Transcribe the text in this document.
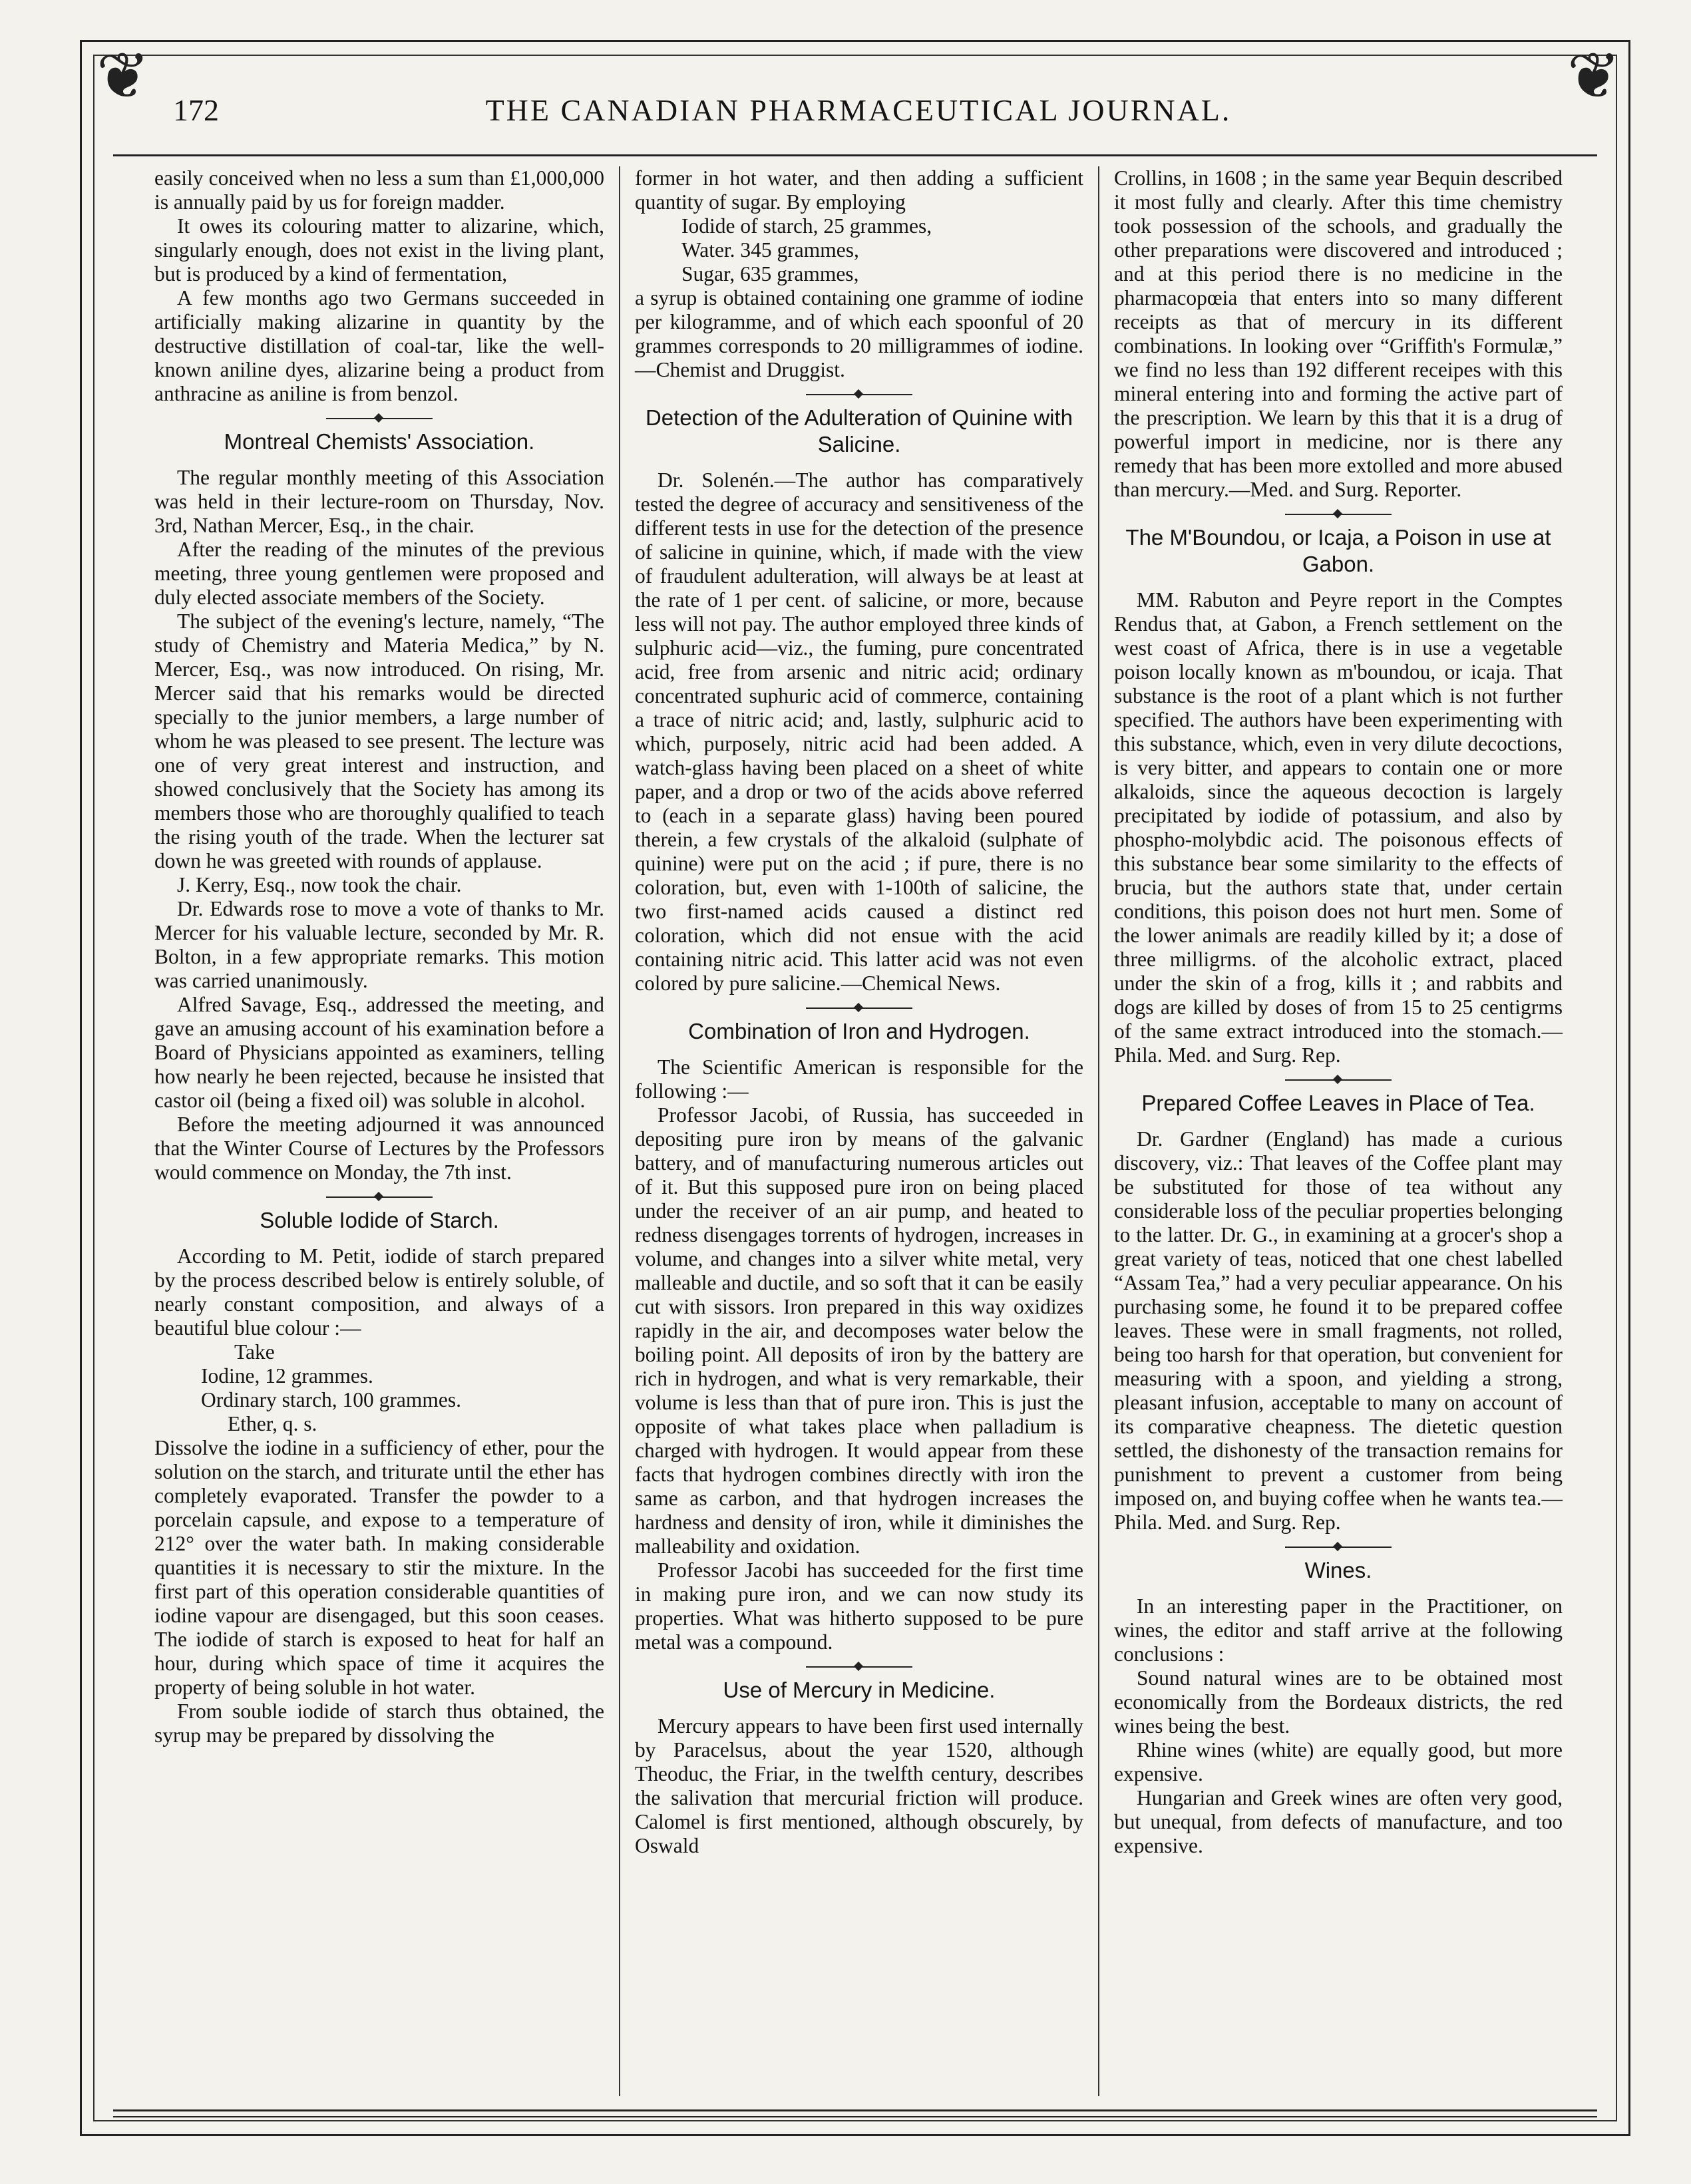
❦	❦
172	THE CANADIAN PHARMACEUTICAL JOURNAL.

easily conceived when no less a sum than £1,000,000 is annually paid by us for foreign madder.

It owes its colouring matter to alizarine, which, singularly enough, does not exist in the living plant, but is produced by a kind of fermentation,

A few months ago two Germans succeeded in artificially making alizarine in quantity by the destructive distillation of coal-tar, like the well-known aniline dyes, alizarine being a product from anthracine as aniline is from benzol.

Montreal Chemists' Association.

The regular monthly meeting of this Association was held in their lecture-room on Thursday, Nov. 3rd, Nathan Mercer, Esq., in the chair.

After the reading of the minutes of the previous meeting, three young gentlemen were proposed and duly elected associate members of the Society.

The subject of the evening's lecture, namely, “The study of Chemistry and Materia Medica,” by N. Mercer, Esq., was now introduced. On rising, Mr. Mercer said that his remarks would be directed specially to the junior members, a large number of whom he was pleased to see present. The lecture was one of very great interest and instruction, and showed conclusively that the Society has among its members those who are thoroughly qualified to teach the rising youth of the trade. When the lecturer sat down he was greeted with rounds of applause.

J. Kerry, Esq., now took the chair.

Dr. Edwards rose to move a vote of thanks to Mr. Mercer for his valuable lecture, seconded by Mr. R. Bolton, in a few appropriate remarks. This motion was carried unanimously.

Alfred Savage, Esq., addressed the meeting, and gave an amusing account of his examination before a Board of Physicians appointed as examiners, telling how nearly he been rejected, because he insisted that castor oil (being a fixed oil) was soluble in alcohol.

Before the meeting adjourned it was announced that the Winter Course of Lectures by the Professors would commence on Monday, the 7th inst.

Soluble Iodide of Starch.

According to M. Petit, iodide of starch prepared by the process described below is entirely soluble, of nearly constant composition, and always of a beautiful blue colour :—

Take

Iodine, 12 grammes.

Ordinary starch, 100 grammes.

Ether, q. s.

Dissolve the iodine in a sufficiency of ether, pour the solution on the starch, and triturate until the ether has completely evaporated. Transfer the powder to a porcelain capsule, and expose to a temperature of 212° over the water bath. In making considerable quantities it is necessary to stir the mixture. In the first part of this operation considerable quantities of iodine vapour are disengaged, but this soon ceases. The iodide of starch is exposed to heat for half an hour, during which space of time it acquires the property of being soluble in hot water.

From souble iodide of starch thus obtained, the syrup may be prepared by dissolving the

former in hot water, and then adding a sufficient quantity of sugar. By employing

Iodide of starch, 25 grammes,

Water. 345 grammes,

Sugar, 635 grammes,

a syrup is obtained containing one gramme of iodine per kilogramme, and of which each spoonful of 20 grammes corresponds to 20 milligrammes of iodine.—Chemist and Druggist.

Detection of the Adulteration of Quinine with Salicine.

Dr. Solenén.—The author has comparatively tested the degree of accuracy and sensitiveness of the different tests in use for the detection of the presence of salicine in quinine, which, if made with the view of fraudulent adulteration, will always be at least at the rate of 1 per cent. of salicine, or more, because less will not pay. The author employed three kinds of sulphuric acid—viz., the fuming, pure concentrated acid, free from arsenic and nitric acid; ordinary concentrated suphuric acid of commerce, containing a trace of nitric acid; and, lastly, sulphuric acid to which, purposely, nitric acid had been added. A watch-glass having been placed on a sheet of white paper, and a drop or two of the acids above referred to (each in a separate glass) having been poured therein, a few crystals of the alkaloid (sulphate of quinine) were put on the acid ; if pure, there is no coloration, but, even with 1-100th of salicine, the two first-named acids caused a distinct red coloration, which did not ensue with the acid containing nitric acid. This latter acid was not even colored by pure salicine.—Chemical News.

Combination of Iron and Hydrogen.

The Scientific American is responsible for the following :—

Professor Jacobi, of Russia, has succeeded in depositing pure iron by means of the galvanic battery, and of manufacturing numerous articles out of it. But this supposed pure iron on being placed under the receiver of an air pump, and heated to redness disengages torrents of hydrogen, increases in volume, and changes into a silver white metal, very malleable and ductile, and so soft that it can be easily cut with sissors. Iron prepared in this way oxidizes rapidly in the air, and decomposes water below the boiling point. All deposits of iron by the battery are rich in hydrogen, and what is very remarkable, their volume is less than that of pure iron. This is just the opposite of what takes place when palladium is charged with hydrogen. It would appear from these facts that hydrogen combines directly with iron the same as carbon, and that hydrogen increases the hardness and density of iron, while it diminishes the malleability and oxidation.

Professor Jacobi has succeeded for the first time in making pure iron, and we can now study its properties. What was hitherto supposed to be pure metal was a compound.

Use of Mercury in Medicine.

Mercury appears to have been first used internally by Paracelsus, about the year 1520, although Theoduc, the Friar, in the twelfth century, describes the salivation that mercurial friction will produce. Calomel is first mentioned, although obscurely, by Oswald

Crollins, in 1608 ; in the same year Bequin described it most fully and clearly. After this time chemistry took possession of the schools, and gradually the other preparations were discovered and introduced ; and at this period there is no medicine in the pharmacopœia that enters into so many different receipts as that of mercury in its different combinations. In looking over “Griffith's Formulæ,” we find no less than 192 different receipes with this mineral entering into and forming the active part of the prescription. We learn by this that it is a drug of powerful import in medicine, nor is there any remedy that has been more extolled and more abused than mercury.—Med. and Surg. Reporter.

The M'Boundou, or Icaja, a Poison in use at Gabon.

MM. Rabuton and Peyre report in the Comptes Rendus that, at Gabon, a French settlement on the west coast of Africa, there is in use a vegetable poison locally known as m'boundou, or icaja. That substance is the root of a plant which is not further specified. The authors have been experimenting with this substance, which, even in very dilute decoctions, is very bitter, and appears to contain one or more alkaloids, since the aqueous decoction is largely precipitated by iodide of potassium, and also by phospho-molybdic acid. The poisonous effects of this substance bear some similarity to the effects of brucia, but the authors state that, under certain conditions, this poison does not hurt men. Some of the lower animals are readily killed by it; a dose of three milligrms. of the alcoholic extract, placed under the skin of a frog, kills it ; and rabbits and dogs are killed by doses of from 15 to 25 centigrms of the same extract introduced into the stomach.—Phila. Med. and Surg. Rep.

Prepared Coffee Leaves in Place of Tea.

Dr. Gardner (England) has made a curious discovery, viz.: That leaves of the Coffee plant may be substituted for those of tea without any considerable loss of the peculiar properties belonging to the latter. Dr. G., in examining at a grocer's shop a great variety of teas, noticed that one chest labelled “Assam Tea,” had a very peculiar appearance. On his purchasing some, he found it to be prepared coffee leaves. These were in small fragments, not rolled, being too harsh for that operation, but convenient for measuring with a spoon, and yielding a strong, pleasant infusion, acceptable to many on account of its comparative cheapness. The dietetic question settled, the dishonesty of the transaction remains for punishment to prevent a customer from being imposed on, and buying coffee when he wants tea.—Phila. Med. and Surg. Rep.

Wines.

In an interesting paper in the Practitioner, on wines, the editor and staff arrive at the following conclusions :

Sound natural wines are to be obtained most economically from the Bordeaux districts, the red wines being the best.

Rhine wines (white) are equally good, but more expensive.

Hungarian and Greek wines are often very good, but unequal, from defects of manufacture, and too expensive.
